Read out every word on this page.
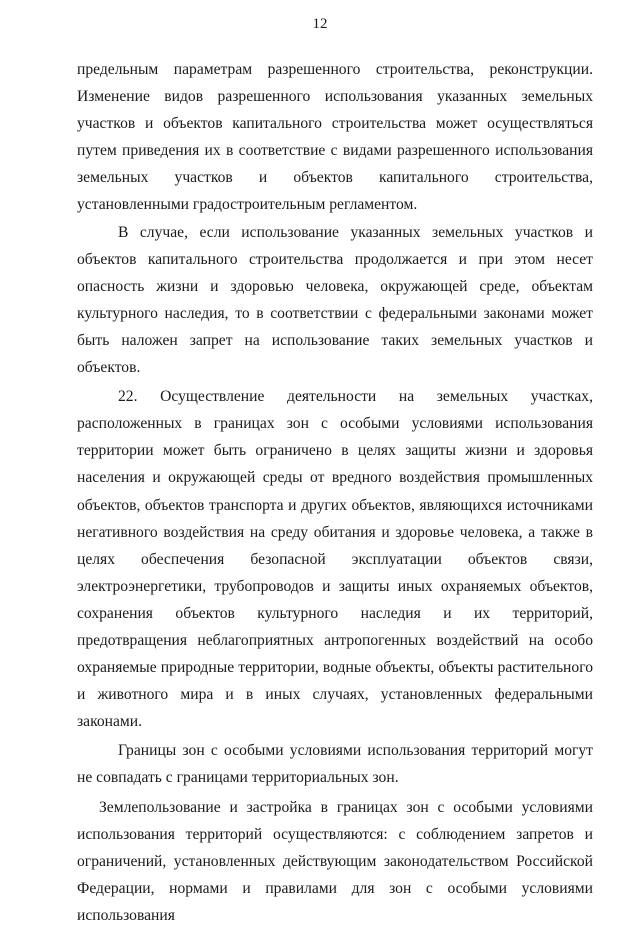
12

предельным параметрам разрешенного строительства, реконструкции. Изменение видов разрешенного использования указанных земельных участков и объектов капитального строительства может осуществляться путем приведения их в соответствие с видами разрешенного использования земельных участков и объектов капитального строительства, установленными градостроительным регламентом.

В случае, если использование указанных земельных участков и объектов капитального строительства продолжается и при этом несет опасность жизни и здоровью человека, окружающей среде, объектам культурного наследия, то в соответствии с федеральными законами может быть наложен запрет на использование таких земельных участков и объектов.

22. Осуществление деятельности на земельных участках, расположенных в границах зон с особыми условиями использования территории может быть ограничено в целях защиты жизни и здоровья населения и окружающей среды от вредного воздействия промышленных объектов, объектов транспорта и других объектов, являющихся источниками негативного воздействия на среду обитания и здоровье человека, а также в целях обеспечения безопасной эксплуатации объектов связи, электроэнергетики, трубопроводов и защиты иных охраняемых объектов, сохранения объектов культурного наследия и их территорий, предотвращения неблагоприятных антропогенных воздействий на особо охраняемые природные территории, водные объекты, объекты растительного и животного мира и в иных случаях, установленных федеральными законами.

Границы зон с особыми условиями использования территорий могут не совпадать с границами территориальных зон.

Землепользование и застройка в границах зон с особыми условиями использования территорий осуществляются: с соблюдением запретов и ограничений, установленных действующим законодательством Российской Федерации, нормами и правилами для зон с особыми условиями использования
